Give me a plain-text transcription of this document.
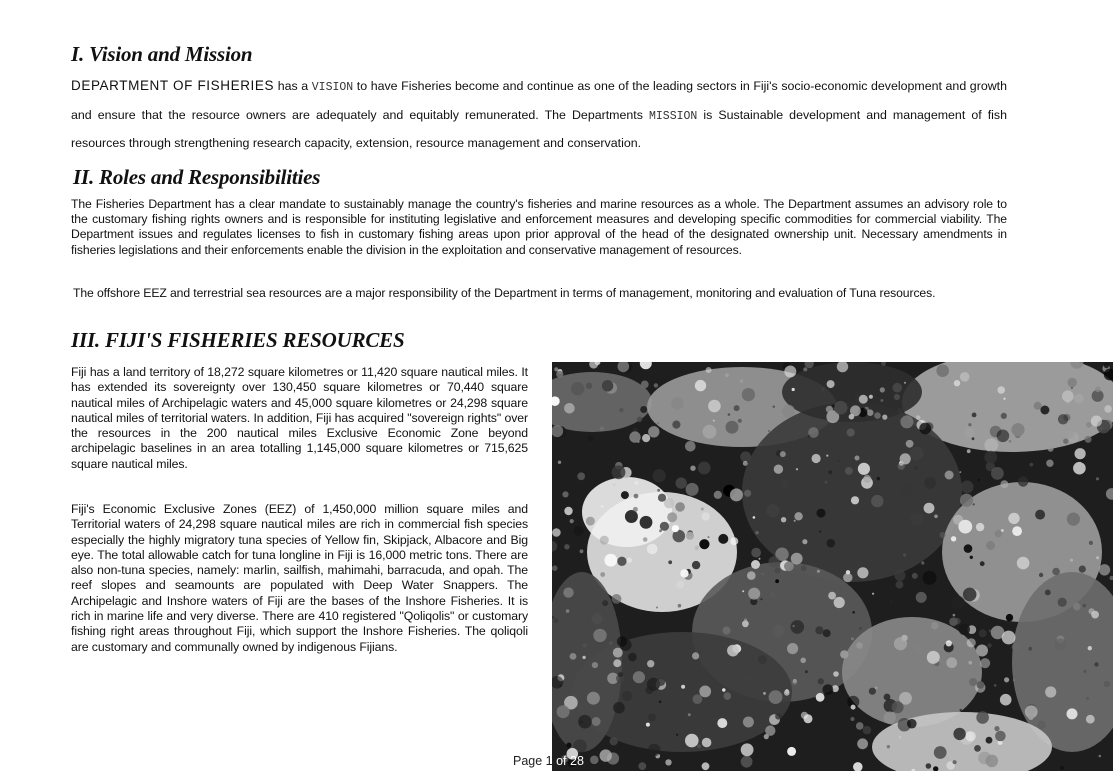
I. Vision and Mission

DEPARTMENT OF FISHERIES has a VISION to have Fisheries become and continue as one of the leading sectors in Fiji's socio-economic development and growth and ensure that the resource owners are adequately and equitably remunerated. The Departments MISSION is Sustainable development and management of fish resources through strengthening research capacity, extension, resource management and conservation.

II. Roles and Responsibilities

The Fisheries Department has a clear mandate to sustainably manage the country's fisheries and marine resources as a whole. The Department assumes an advisory role to the customary fishing rights owners and is responsible for instituting legislative and enforcement measures and developing specific commodities for commercial viability. The Department issues and regulates licenses to fish in customary fishing areas upon prior approval of the head of the designated ownership unit. Necessary amendments in fisheries legislations and their enforcements enable the division in the exploitation and conservative management of resources.

The offshore EEZ and terrestrial sea resources are a major responsibility of the Department in terms of management, monitoring and evaluation of Tuna resources.

III. FIJI'S FISHERIES RESOURCES

Fiji has a land territory of 18,272 square kilometres or 11,420 square nautical miles. It has extended its sovereignty over 130,450 square kilometres or 70,440 square nautical miles of Archipelagic waters and 45,000 square kilometres or 24,298 square nautical miles of territorial waters. In addition, Fiji has acquired "sovereign rights" over the resources in the 200 nautical miles Exclusive Economic Zone beyond archipelagic baselines in an area totalling 1,145,000 square kilometres or 715,625 square nautical miles.

Fiji's Economic Exclusive Zones (EEZ) of 1,450,000 million square miles and Territorial waters of 24,298 square nautical miles are rich in commercial fish species especially the highly migratory tuna species of Yellow fin, Skipjack, Albacore and Big eye. The total allowable catch for tuna longline in Fiji is 16,000 metric tons. There are also non-tuna species, namely: marlin, sailfish, mahimahi, barracuda, and opah. The reef slopes and seamounts are populated with Deep Water Snappers. The Archipelagic and Inshore waters of Fiji are the bases of the Inshore Fisheries. It is rich in marine life and very diverse. There are 410 registered "Qoliqolis" or customary fishing right areas throughout Fiji, which support the Inshore Fisheries. The qoliqoli are customary and communally owned by indigenous Fijians.

Page 1 of 28
